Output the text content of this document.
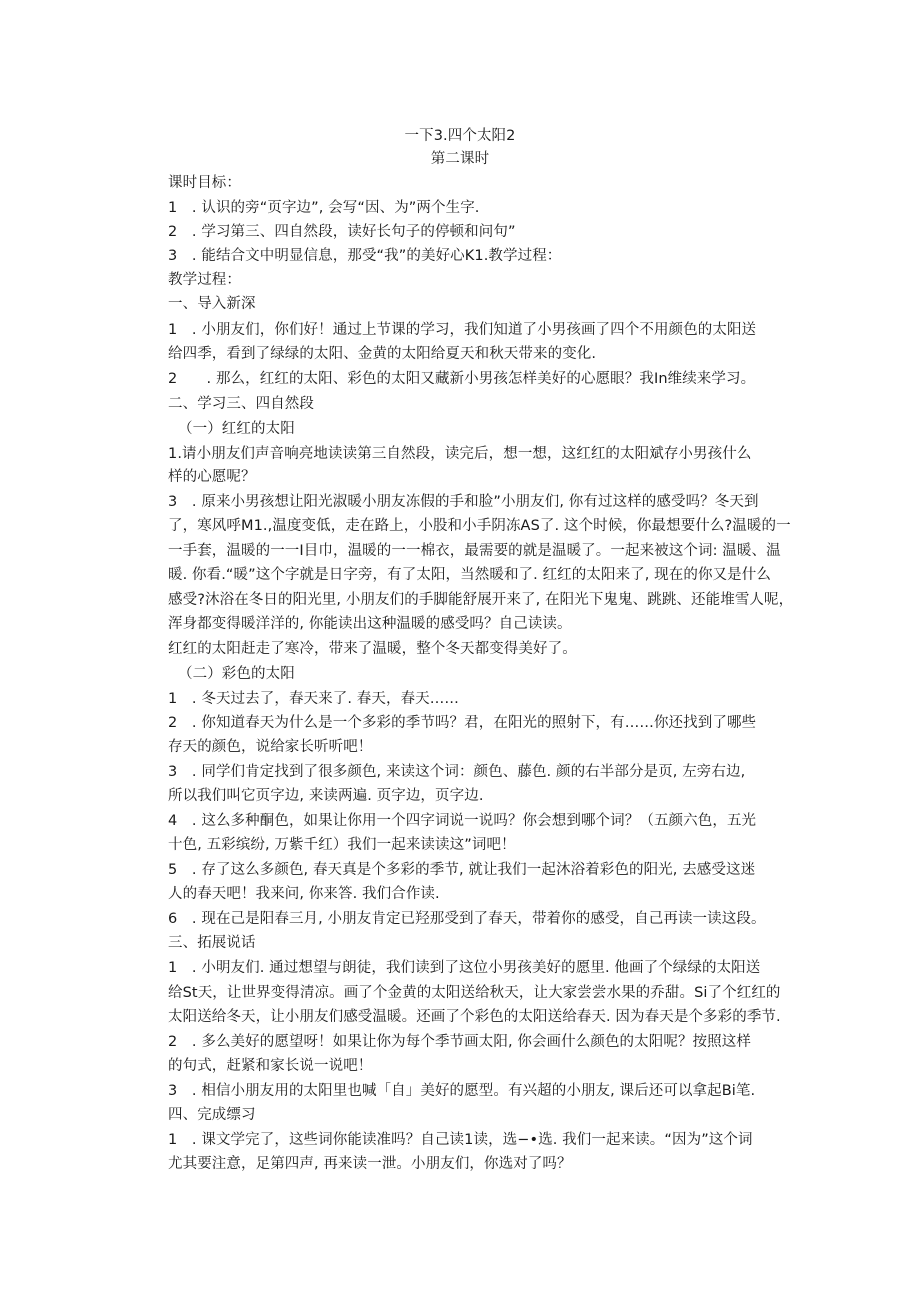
一下3.四个太阳2
第二课时
课时目标：
1　. 认识的旁“页字边”, 会写“因、为”两个生字.
2　. 学习第三、四自然段，读好长句子的停顿和问句”
3　. 能结合文中明显信息，那受“我”的美好心K1.教学过程：
教学过程：
一、导入新深
1　. 小朋友们，你们好！通过上节课的学习，我们知道了小男孩画了四个不用颜色的太阳送
给四季，看到了绿绿的太阳、金黄的太阳给夏天和秋天带来的变化.
2　　. 那么，红红的太阳、彩色的太阳又藏新小男孩怎样美好的心愿眼？我In维续来学习。
二、学习三、四自然段
（一）红红的太阳
1.请小朋友们声音响亮地读读第三自然段，读完后，想一想，这红红的太阳斌存小男孩什么
样的心愿呢？
3　. 原来小男孩想让阳光淑暖小朋友冻假的手和脸”小朋友们, 你有过这样的感受吗？冬天到
了，寒风呼M1.,温度变低，走在路上，小股和小手阴冻AS了. 这个时候，你最想要什么?温暖的一
一手套，温暖的一一I目巾，温暖的一一棉衣，最需要的就是温暖了。一起来被这个词: 温暖、温
暖. 你看.“暖”这个字就是日字旁，有了太阳，当然暖和了. 红红的太阳来了, 现在的你又是什么
感受?沐浴在冬日的阳光里, 小朋友们的手脚能舒展开来了, 在阳光下鬼鬼、跳跳、还能堆雪人呢，
浑身都变得暖洋洋的, 你能读出这种温暖的感受吗？自己读读。
红红的太阳赶走了寒冷，带来了温暖，整个冬天都变得美好了。
（二）彩色的太阳
1　. 冬天过去了，春天来了. 春天，春天……
2　. 你知道春天为什么是一个多彩的季节吗？君，在阳光的照射下，有……你还找到了哪些
存天的颜色，说给家长听听吧！
3　. 同学们肯定找到了很多颜色, 来读这个词：颜色、藤色. 颜的右半部分是页, 左旁右边,
所以我们叫它页字边, 来读两遍. 页字边，页字边.
4　. 这么多种酮色，如果让你用一个四字词说一说吗？你会想到哪个词？（五颜六色，五光
十色, 五彩缤纷, 万紫千红）我们一起来读读这”词吧！
5　. 存了这么多颜色, 春天真是个多彩的季节, 就让我们一起沐浴着彩色的阳光, 去感受这迷
人的春天吧！我来问, 你来答. 我们合作读.
6　. 现在己是阳春三月, 小朋友肯定已羟那受到了春天，带着你的感受，自己再读一读这段。
三、拓展说话
1　. 小明友们. 通过想望与朗徒，我们读到了这位小男孩美好的愿里. 他画了个绿绿的太阳送
给St天，让世界变得清凉。画了个金黄的太阳送给秋天，让大家尝尝水果的乔甜。Si了个红红的
太阳送给冬天，让小朋友们感受温暖。还画了个彩色的太阳送给春天. 因为春天是个多彩的季节.
2　. 多么美好的愿望呀！如果让你为每个季节画太阳, 你会画什么颜色的太阳呢？按照这样
的句式，赶紧和家长说一说吧！
3　. 相信小朋友用的太阳里也喊「自」美好的愿型。有兴超的小朋友, 课后还可以拿起Bi笔.
四、完成缥习
1　. 课文学完了，这些词你能读准吗？自己读1读，选−•选. 我们一起来读。“因为”这个词
尤其要注意，足第四声, 再来读一泄。小朋友们，你选对了吗？
